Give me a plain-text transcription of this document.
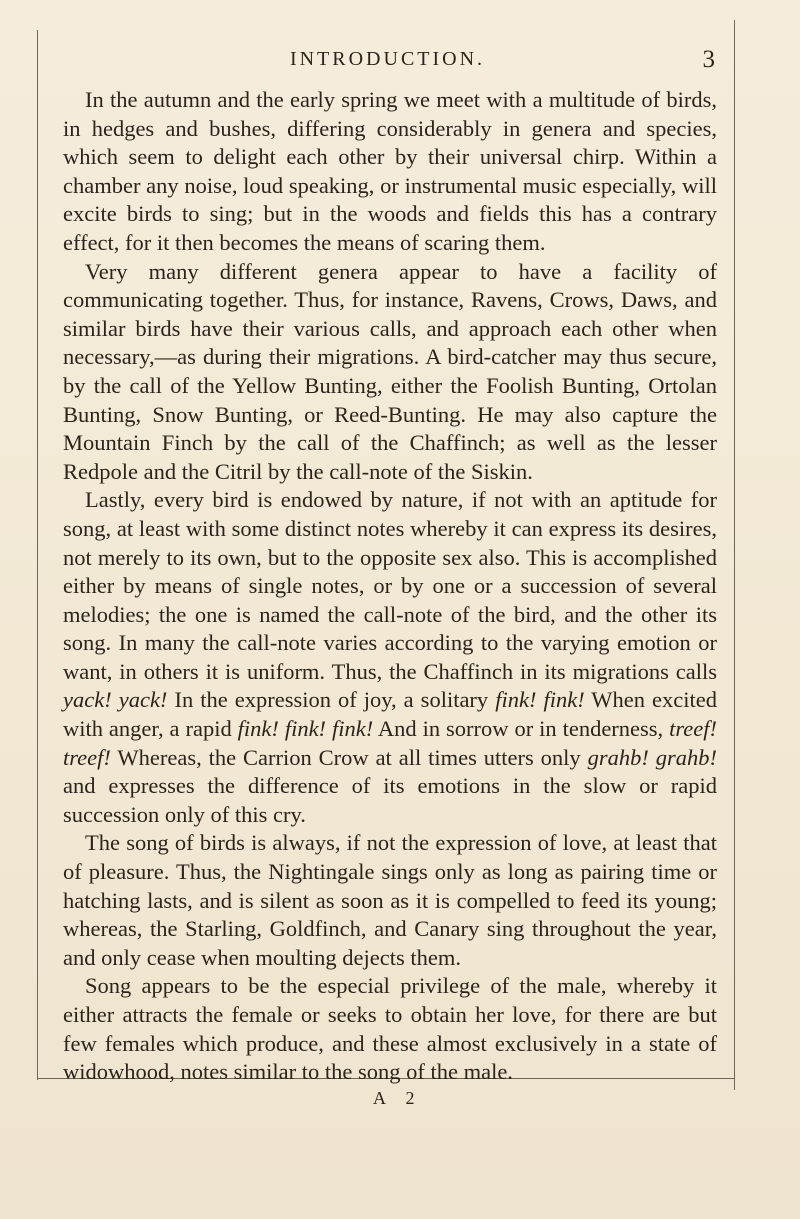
INTRODUCTION.	3

In the autumn and the early spring we meet with a multitude of birds, in hedges and bushes, differing considerably in genera and species, which seem to delight each other by their universal chirp. Within a chamber any noise, loud speaking, or instrumental music especially, will excite birds to sing; but in the woods and fields this has a contrary effect, for it then becomes the means of scaring them.

Very many different genera appear to have a facility of communicating together. Thus, for instance, Ravens, Crows, Daws, and similar birds have their various calls, and approach each other when necessary,—as during their migrations. A bird-catcher may thus secure, by the call of the Yellow Bunting, either the Foolish Bunting, Ortolan Bunting, Snow Bunting, or Reed-Bunting. He may also capture the Mountain Finch by the call of the Chaffinch; as well as the lesser Redpole and the Citril by the call-note of the Siskin.

Lastly, every bird is endowed by nature, if not with an aptitude for song, at least with some distinct notes whereby it can express its desires, not merely to its own, but to the opposite sex also. This is accomplished either by means of single notes, or by one or a succession of several melodies; the one is named the call-note of the bird, and the other its song. In many the call-note varies according to the varying emotion or want, in others it is uniform. Thus, the Chaffinch in its migrations calls yack! yack! In the expression of joy, a solitary fink! fink! When excited with anger, a rapid fink! fink! fink! And in sorrow or in tenderness, treef! treef! Whereas, the Carrion Crow at all times utters only grahb! grahb! and expresses the difference of its emotions in the slow or rapid succession only of this cry.

The song of birds is always, if not the expression of love, at least that of pleasure. Thus, the Nightingale sings only as long as pairing time or hatching lasts, and is silent as soon as it is compelled to feed its young; whereas, the Starling, Goldfinch, and Canary sing throughout the year, and only cease when moulting dejects them.

Song appears to be the especial privilege of the male, whereby it either attracts the female or seeks to obtain her love, for there are but few females which produce, and these almost exclusively in a state of widowhood, notes similar to the song of the male.

A 2
